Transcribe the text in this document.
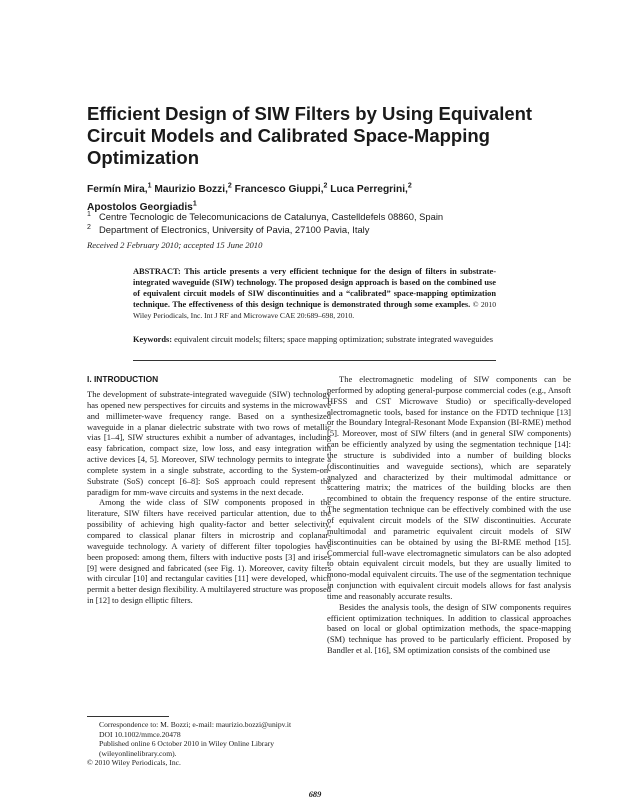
Efficient Design of SIW Filters by Using Equivalent Circuit Models and Calibrated Space-Mapping Optimization
Fermín Mira,$^1$ Maurizio Bozzi,$^2$ Francesco Giuppi,$^2$ Luca Perregrini,$^2$
Apostolos Georgiadis$^1$
1 Centre Tecnologic de Telecomunicacions de Catalunya, Castelldefels 08860, Spain
2 Department of Electronics, University of Pavia, 27100 Pavia, Italy
Received 2 February 2010; accepted 15 June 2010
ABSTRACT: This article presents a very efficient technique for the design of filters in substrate-integrated waveguide (SIW) technology. The proposed design approach is based on the combined use of equivalent circuit models of SIW discontinuities and a “calibrated” space-mapping optimization technique. The effectiveness of this design technique is demonstrated through some examples. © 2010 Wiley Periodicals, Inc. Int J RF and Microwave CAE 20:689–698, 2010.
Keywords: equivalent circuit models; filters; space mapping optimization; substrate integrated waveguides
I. INTRODUCTION

The development of substrate-integrated waveguide (SIW) technology has opened new perspectives for circuits and systems in the microwave and millimeter-wave frequency range. Based on a synthesized waveguide in a planar dielectric substrate with two rows of metallic vias [1–4], SIW structures exhibit a number of advantages, including easy fabrication, compact size, low loss, and easy integration with active devices [4, 5]. Moreover, SIW technology permits to integrate a complete system in a single substrate, according to the System-on-Substrate (SoS) concept [6–8]: SoS approach could represent the paradigm for mm-wave circuits and systems in the next decade.

Among the wide class of SIW components proposed in the literature, SIW filters have received particular attention, due to the possibility of achieving high quality-factor and better selectivity, compared to classical planar filters in microstrip and coplanar-waveguide technology. A variety of different filter topologies have been proposed: among them, filters with inductive posts [3] and irises [9] were designed and fabricated (see Fig. 1). Moreover, cavity filters with circular [10] and rectangular cavities [11] were developed, which permit a better design flexibility. A multilayered structure was proposed in [12] to design elliptic filters.

The electromagnetic modeling of SIW components can be performed by adopting general-purpose commercial codes (e.g., Ansoft HFSS and CST Microwave Studio) or specifically-developed electromagnetic tools, based for instance on the FDTD technique [13] or the Boundary Integral-Resonant Mode Expansion (BI-RME) method [5]. Moreover, most of SIW filters (and in general SIW components) can be efficiently analyzed by using the segmentation technique [14]: the structure is subdivided into a number of building blocks (discontinuities and waveguide sections), which are separately analyzed and characterized by their multimodal admittance or scattering matrix; the matrices of the building blocks are then recombined to obtain the frequency response of the entire structure. The segmentation technique can be effectively combined with the use of equivalent circuit models of the SIW discontinuities. Accurate multimodal and parametric equivalent circuit models of SIW discontinuities can be obtained by using the BI-RME method [15]. Commercial full-wave electromagnetic simulators can be also adopted to obtain equivalent circuit models, but they are usually limited to mono-modal equivalent circuits. The use of the segmentation technique in conjunction with equivalent circuit models allows for fast analysis time and reasonably accurate results.

Besides the analysis tools, the design of SIW components requires efficient optimization techniques. In addition to classical approaches based on local or global optimization methods, the space-mapping (SM) technique has proved to be particularly efficient. Proposed by Bandler et al. [16], SM optimization consists of the combined use

Correspondence to: M. Bozzi; e-mail: maurizio.bozzi@unipv.it
DOI 10.1002/mmce.20478
Published online 6 October 2010 in Wiley Online Library (wileyonlinelibrary.com).
© 2010 Wiley Periodicals, Inc.
689
